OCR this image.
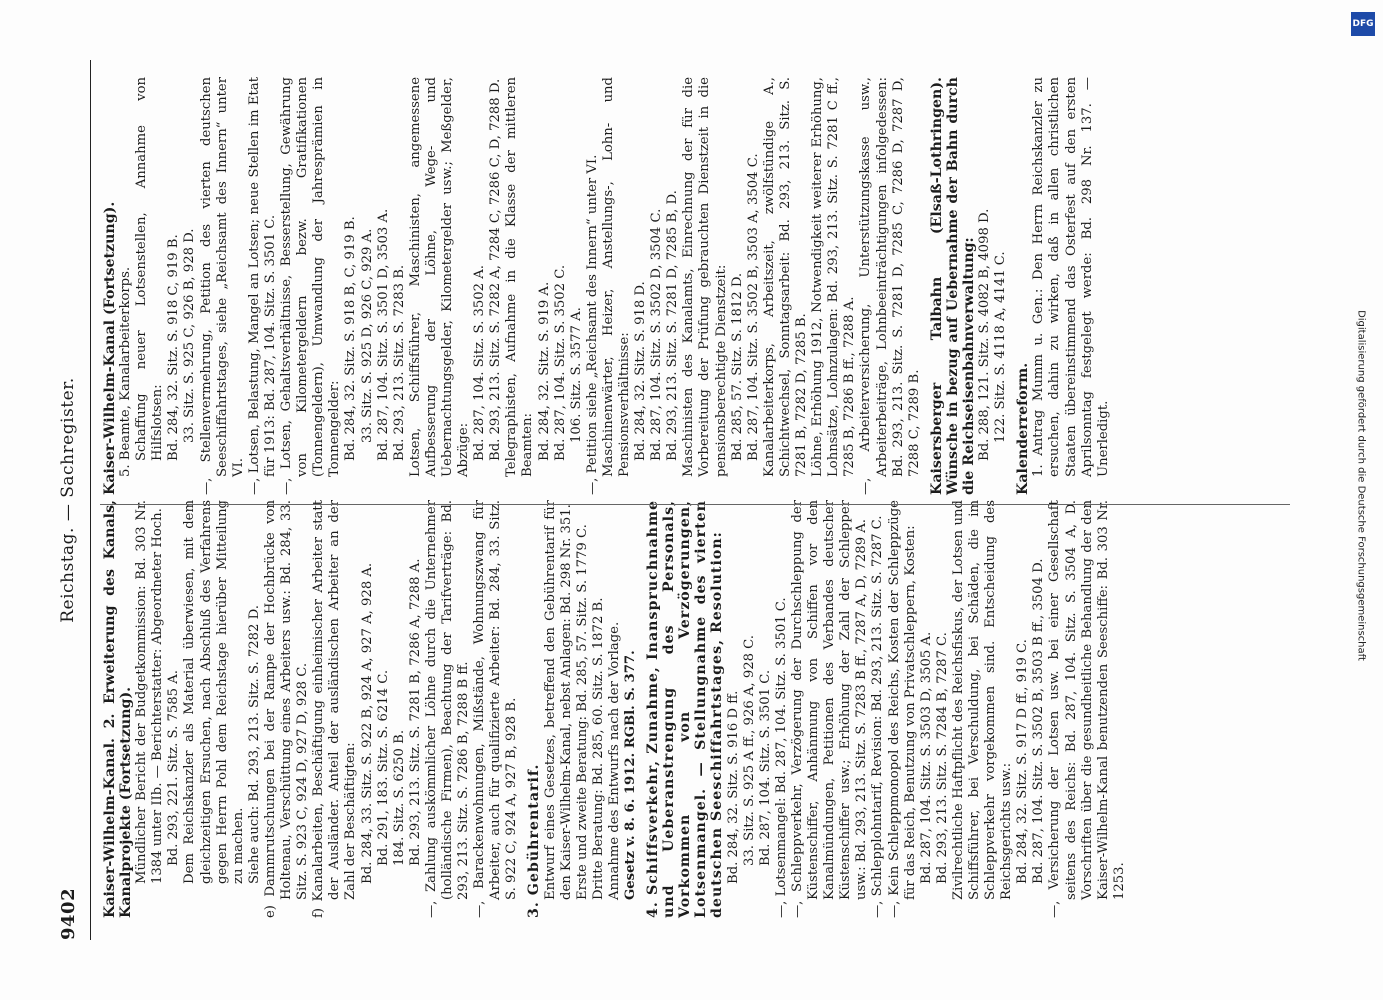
9402
Reichstag. — Sachregister. Kaiser-Wilhelm-Kanal. 2. Erweiterung des Kanals, Kanalprojekte (Fortsetzung). Mündlicher Bericht der Budgetkommission: Bd. 303 Nr. 1384 unter IIb. — Berichterstatter: Abgeordneter Hoch. Bd. 293, 221. Sitz. S. 7585 A. Dem Reichskanzler als Material überwiesen, mit dem gleichzeitigen Ersuchen, nach Abschluß des Verfahrens gegen Herrn Pohl dem Reichstage hierüber Mitteilung zu machen. Siehe auch: Bd. 293, 213. Sitz. S. 7282 D. e) Dammrutschungen bei der Rampe der Hochbrücke von Holtenau, Verschüttung eines Arbeiters usw.: Bd. 284, 33. Sitz. S. 923 C, 924 D, 927 D, 928 C. f) Kanalarbeiten, Beschäftigung einheimischer Arbeiter statt der Ausländer. Anteil der ausländischen Arbeiter an der Zahl der Beschäftigten: Bd. 284, 33. Sitz. S. 922 B, 924 A, 927 A, 928 A. Bd. 291, 183. Sitz. S. 6214 C. 184. Sitz. S. 6250 B. Bd. 293, 213. Sitz. S. 7281 B, 7286 A, 7288 A. —, Zahlung auskömmlicher Löhne durch die Unternehmer (holländische Firmen), Beachtung der Tarifverträge: Bd. 293, 213. Sitz. S. 7286 B, 7288 B ff. —, Barackenwohnungen, Mißstände, Wohnungszwang für Arbeiter, auch für qualifizierte Arbeiter: Bd. 284, 33. Sitz. S. 922 C, 924 A, 927 B, 928 B. 3. Gebührentarif. Entwurf eines Gesetzes, betreffend den Gebührentarif für den Kaiser-Wilhelm-Kanal, nebst Anlagen: Bd. 298 Nr. 351. Erste und zweite Beratung: Bd. 285, 57. Sitz. S. 1779 C. Dritte Beratung: Bd. 285, 60. Sitz. S. 1872 B. Annahme des Entwurfs nach der Vorlage. Gesetz v. 8. 6. 1912. RGBl. S. 377. 4. Schiffsverkehr, Zunahme, Inanspruchnahme und Ueberanstrengung des Personals, Vorkommen von Verzögerungen, Lotsenmangel. — Stellungnahme des vierten deutschen Seeschiffahrtstages, Resolution: Bd. 284, 32. Sitz. S. 916 D ff. 33. Sitz. S. 925 A ff., 926 A, 928 C. Bd. 287, 104. Sitz. S. 3501 C. —, Lotsenmangel: Bd. 287, 104. Sitz. S. 3501 C. —, Schleppverkehr, Verzögerung der Durchschleppung der Küstenschiffer, Anhänmung von Schiffen vor den Kanalmündungen, Petitionen des Verbandes deutscher Küstenschiffer usw.; Erhöhung der Zahl der Schlepper usw.: Bd. 293, 213. Sitz. S. 7283 B ff., 7287 A, D, 7289 A. —, Schlepplohntarif, Revision: Bd. 293, 213. Sitz. S. 7287 C. —, Kein Schleppmonopol des Reichs, Kosten der Schleppzüge für das Reich, Benutzung von Privatschleppern, Kosten: Bd. 287, 104. Sitz. S. 3503 D, 3505 A. Bd. 293, 213. Sitz. S. 7284 B, 7287 C. Zivilrechtliche Haftpflicht des Reichsfiskus, der Lotsen und Schiffsführer, bei Verschuldung, bei Schäden, die im Schleppverkehr vorgekommen sind. Entscheidung des Reichsgerichts usw.: Bd. 284, 32. Sitz. S. 917 D ff., 919 C. Bd. 287, 104. Sitz. S. 3502 B, 3503 B ff., 3504 D. —, Versicherung der Lotsen usw. bei einer Gesellschaft seitens des Reichs: Bd. 287, 104. Sitz. S. 3504 A, D. Vorschriften über die gesundheitliche Behandlung der den Kaiser-Wilhelm-Kanal benutzenden Seeschiffe: Bd. 303 Nr. 1253.

Kaiser-Wilhelm-Kanal (Fortsetzung). 5. Beamte, Kanalarbeiterkorps. Schaffung neuer Lotsenstellen, Annahme von Hilfslotsen: Bd. 284, 32. Sitz. S. 918 C, 919 B. 33. Sitz. S. 925 C, 926 B, 928 D. —, Stellenvermehrung, Petition des vierten deutschen Seeschiffahrtstages, siehe „Reichsamt des Innern“ unter VI. —, Lotsen, Belastung, Mangel an Lotsen; neue Stellen im Etat für 1913: Bd. 287, 104. Sitz. S. 3501 C. —, Lotsen, Gehaltsverhältnisse, Besserstellung, Gewährung von Kilometergeldern bezw. Gratifikationen (Tonnengeldern), Umwandlung der Jahresprämien in Tonnengelder: Bd. 284, 32. Sitz. S. 918 B, C, 919 B. 33. Sitz. S. 925 D, 926 C, 929 A. Bd. 287, 104. Sitz. S. 3501 D, 3503 A. Bd. 293, 213. Sitz. S. 7283 B. Lotsen, Schiffsführer, Maschinisten, angemessene Aufbesserung der Löhne, Wege- und Uebernachtungsgelder, Kilometergelder usw.; Meßgelder, Abzüge: Bd. 287, 104. Sitz. S. 3502 A. Bd. 293, 213. Sitz. S. 7282 A, 7284 C, 7286 C, D, 7288 D. Telegraphisten, Aufnahme in die Klasse der mittleren Beamten: Bd. 284, 32. Sitz. S. 919 A. Bd. 287, 104. Sitz. S. 3502 C. 106. Sitz. S. 3577 A. —, Petition siehe „Reichsamt des Innern“ unter VI. Maschinenwärter, Heizer, Anstellungs-, Lohn- und Pensionsverhältnisse: Bd. 284, 32. Sitz. S. 918 D. Bd. 287, 104. Sitz. S. 3502 D, 3504 C. Bd. 293, 213. Sitz. S. 7281 D, 7285 B, D. Maschinisten des Kanalamts, Einrechnung der für die Vorbereitung der Prüfung gebrauchten Dienstzeit in die pensionsberechtigte Dienstzeit: Bd. 285, 57. Sitz. S. 1812 D. Bd. 287, 104. Sitz. S. 3502 B, 3503 A, 3504 C. Kanalarbeiterkorps, Arbeitszeit, zwölfstündige A., Schichtwechsel, Sonntagsarbeit: Bd. 293, 213. Sitz. S. 7281 B, 7282 D, 7285 B. Löhne, Erhöhung 1912, Notwendigkeit weiterer Erhöhung, Lohnsätze, Lohnzulagen: Bd. 293, 213. Sitz. S. 7281 C ff., 7285 B, 7286 B ff., 7288 A. —, Arbeiterversicherung, Unterstützungskasse usw., Arbeiterbeiträge, Lohnbeeinträchtigungen infolgedessen: Bd. 293, 213. Sitz. S. 7281 D, 7285 C, 7286 D, 7287 D, 7288 C, 7289 B. Kaisersberger Talbahn (Elsaß-Lothringen). Wünsche in bezug auf Uebernahme der Bahn durch die Reichseisenbahnverwaltung: Bd. 288, 121. Sitz. S. 4082 B, 4098 D. 122. Sitz. S. 4118 A, 4141 C. Kalenderreform. 1. Antrag Mumm u. Gen.: Den Herrn Reichskanzler zu ersuchen, dahin zu wirken, daß in allen christlichen Staaten übereinstimmend das Osterfest auf den ersten Aprilsonntag festgelegt werde: Bd. 298 Nr. 137. — Unerledigt.

DFG
Digitalisierung gefördert durch die Deutsche Forschungsgemeinschaft
